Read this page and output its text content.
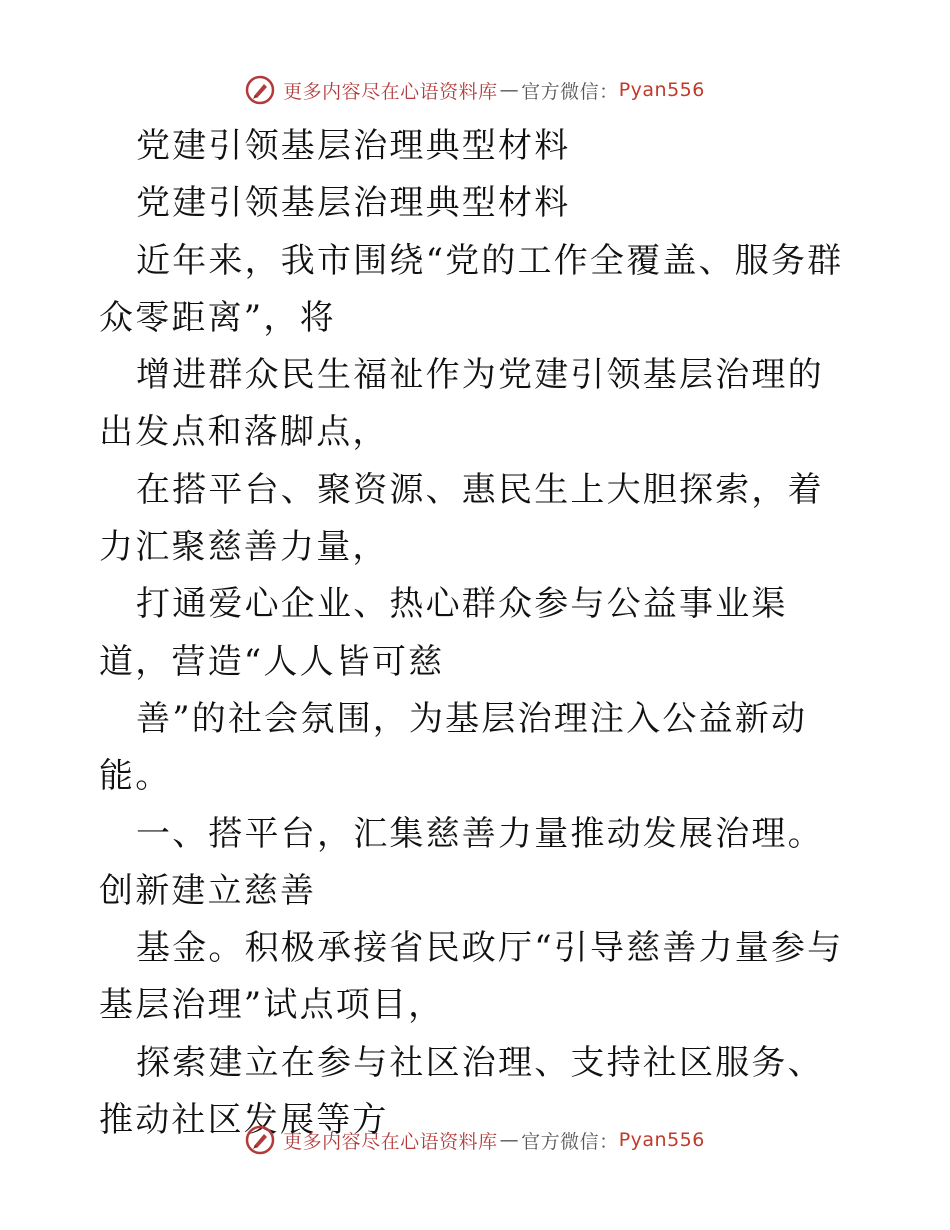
更多内容尽在心语资料库 — 官方微信： Pyan556

党建引领基层治理典型材料

党建引领基层治理典型材料

近年来，我市围绕“党的工作全覆盖、服务群众零距离”，将

增进群众民生福祉作为党建引领基层治理的出发点和落脚点，

在搭平台、聚资源、惠民生上大胆探索，着力汇聚慈善力量，

打通爱心企业、热心群众参与公益事业渠道，营造“人人皆可慈

善”的社会氛围，为基层治理注入公益新动能。

一、搭平台，汇集慈善力量推动发展治理。创新建立慈善

基金。积极承接省民政厅“引导慈善力量参与基层治理”试点项目，

探索建立在参与社区治理、支持社区服务、推动社区发展等方

更多内容尽在心语资料库 — 官方微信： Pyan556
